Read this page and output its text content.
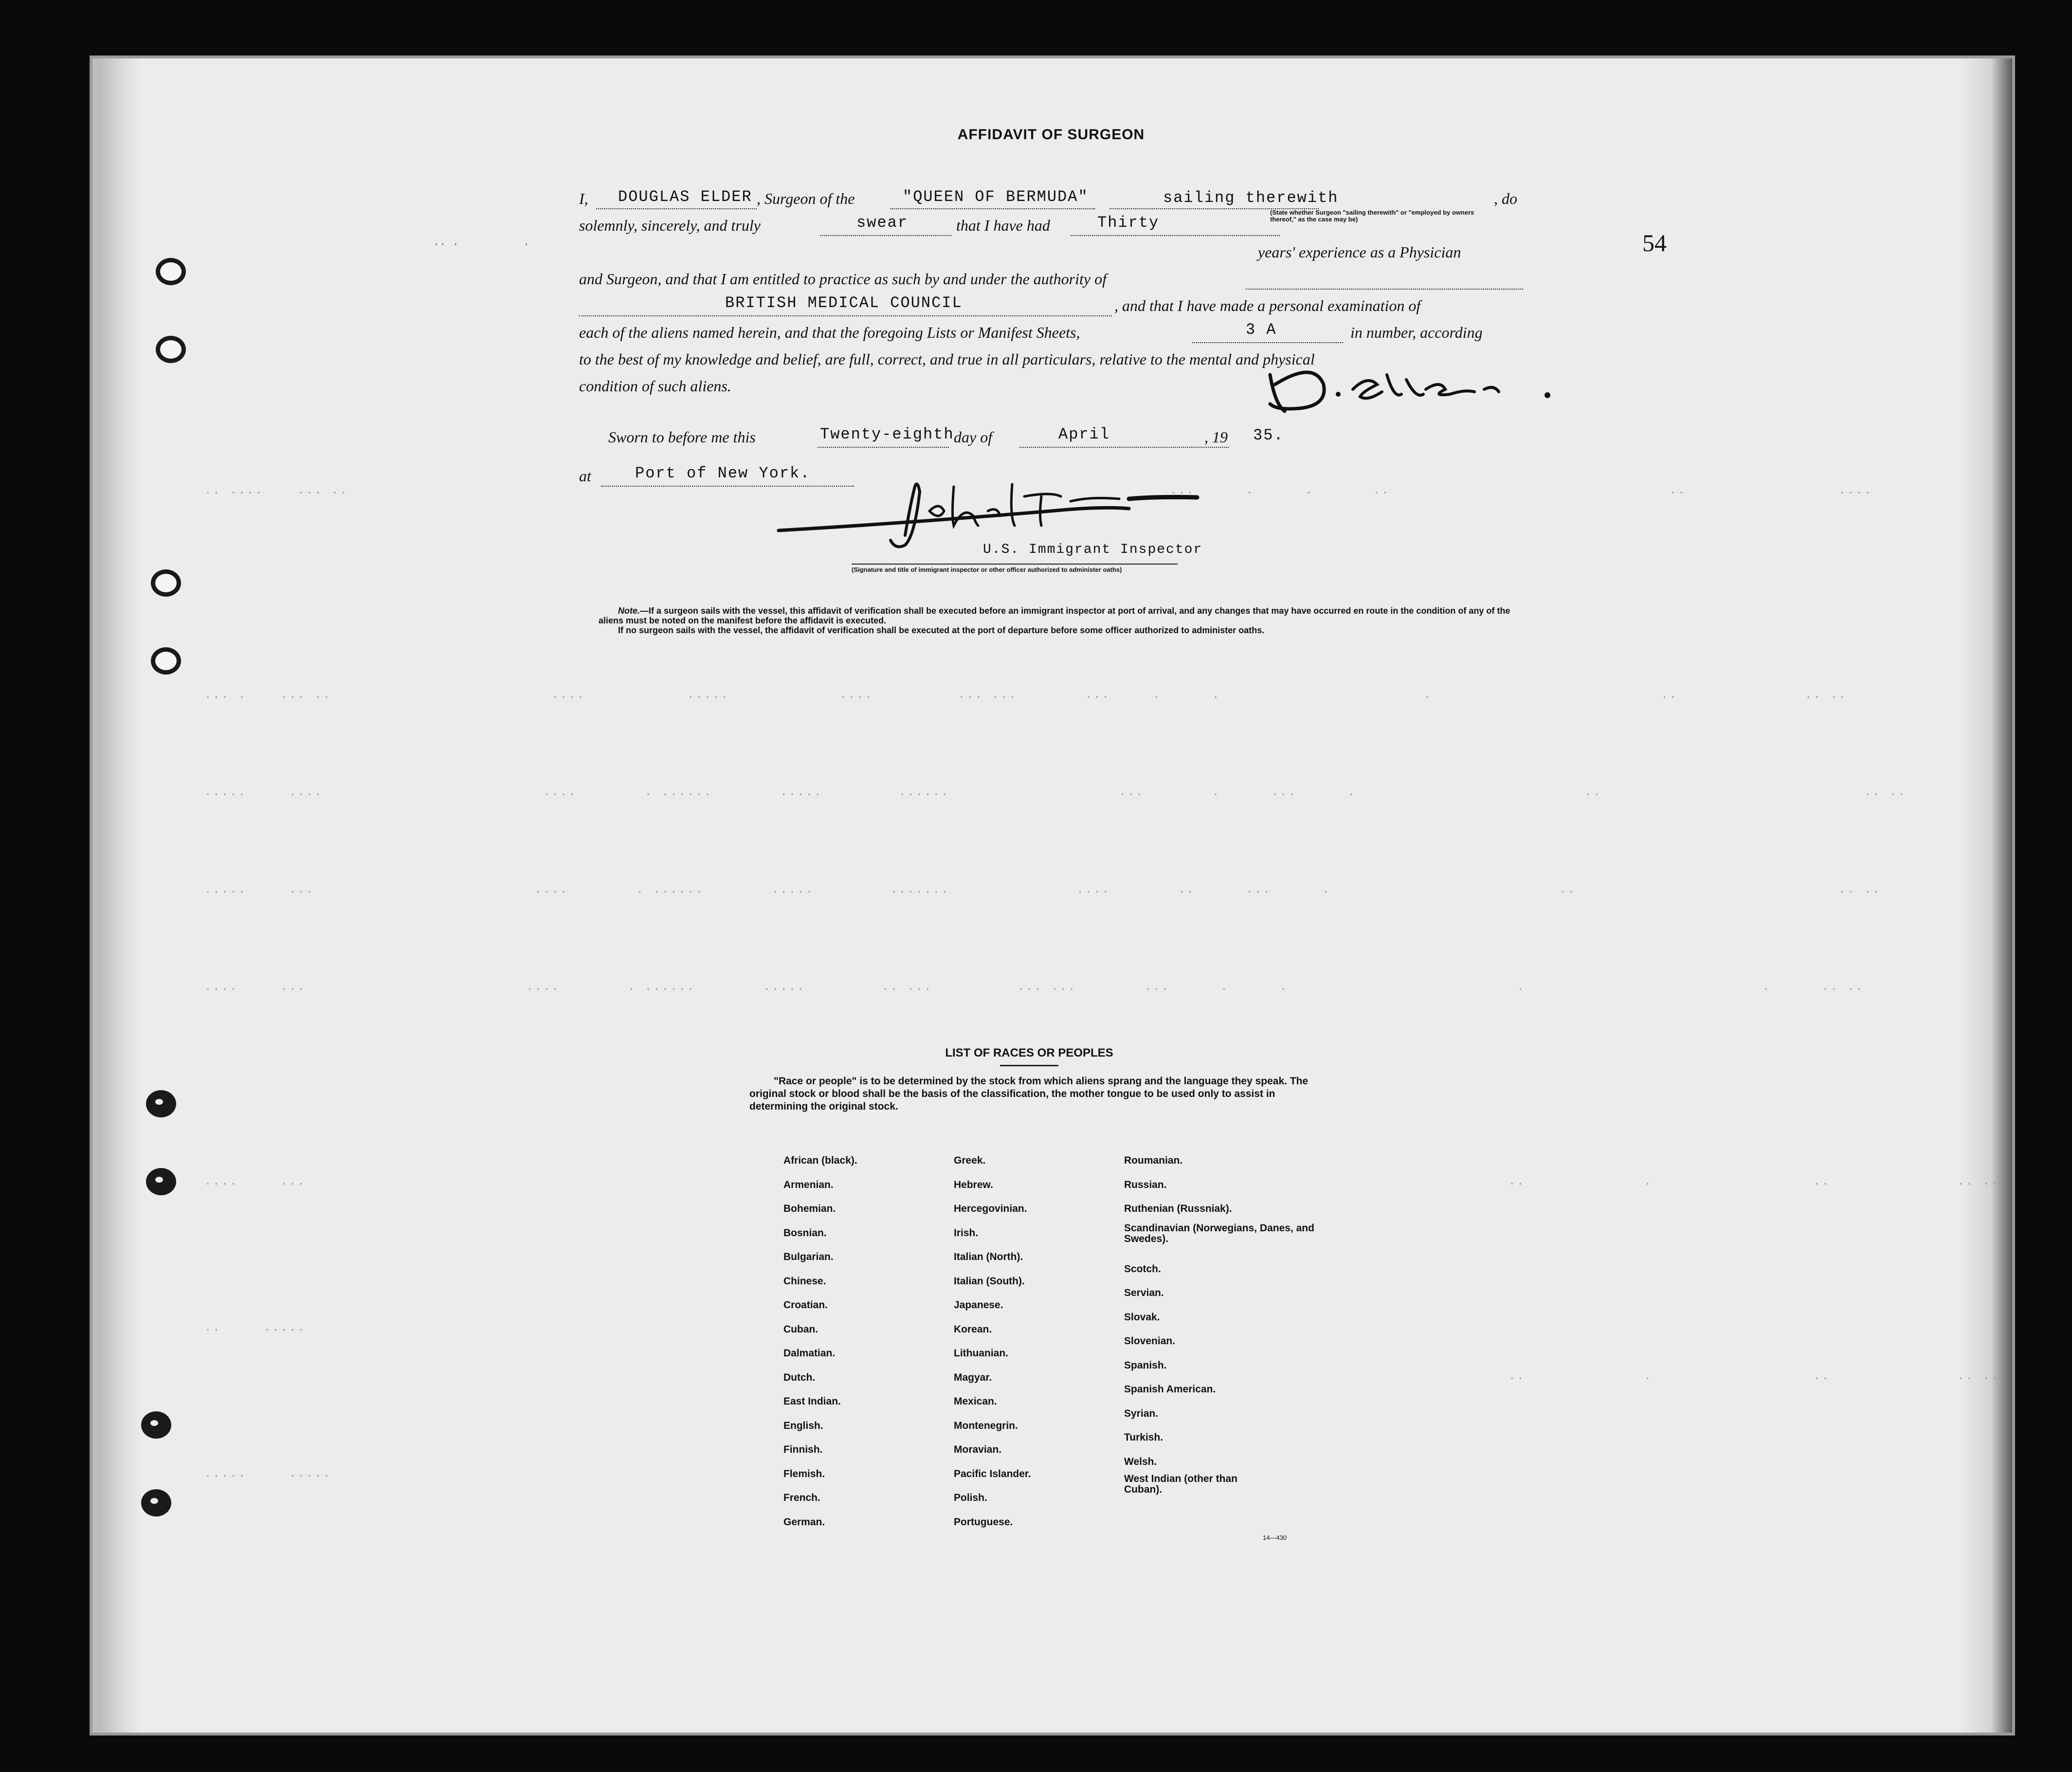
·· ····    ··· ··                                                                                                 ···      ·      ·       ··                                 ··                  ····
··· ·    ··· ··                          ····            ·····             ····          ··· ···        ···     ·      ·                        ·                           ··               ·· ··
·····     ····                          ····        · ······        ·····         ······                    ···        ·      ···      ·                           ··                               ·· ··
·····     ···                          ····        · ······        ·····         ·······               ····        ··      ···      ·                           ··                               ·· ··
····     ···                          ····        · ······        ·····         ·· ···          ··· ···        ···      ·      ·                           ·                            ·      ·· ··
····     ···
··     ·····
·····     ·····
··              ·                   ··               ·· ··
··              ·                   ··               ·· ··
·· ·          ·	54
AFFIDAVIT OF SURGEON
I, DOUGLAS ELDER , Surgeon of the	"QUEEN OF BERMUDA"	sailing therewith	, do
(State whether Surgeon "sailing therewith" or "employed by owners thereof," as the case may be)
solemnly, sincerely, and truly	swear	that I have had	Thirty
years' experience as a Physician
and Surgeon, and that I am entitled to practice as such by and under the authority of
BRITISH MEDICAL COUNCIL	, and that I have made a personal examination of
each of the aliens named herein, and that the foregoing Lists or Manifest Sheets,	3 A	in number, according
to the best of my knowledge and belief, are full, correct, and true in all particulars, relative to the mental and physical
condition of such aliens.
Sworn to before me this	Twenty-eighth day of	April	, 19 35.
at	Port of New York.
U.S. Immigrant Inspector
(Signature and title of immigrant inspector or other officer authorized to administer oaths)
Note.—If a surgeon sails with the vessel, this affidavit of verification shall be executed before an immigrant inspector at port of arrival, and any changes that may have occurred en route in the condition of any of the aliens must be noted on the manifest before the affidavit is executed.
If no surgeon sails with the vessel, the affidavit of verification shall be executed at the port of departure before some officer authorized to administer oaths.
LIST OF RACES OR PEOPLES
"Race or people" is to be determined by the stock from which aliens sprang and the language they speak. The original stock or blood shall be the basis of the classification, the mother tongue to be used only to assist in determining the original stock.
African (black).
Armenian.
Bohemian.
Bosnian.
Bulgarian.
Chinese.
Croatian.
Cuban.
Dalmatian.
Dutch.
East Indian.
English.
Finnish.
Flemish.
French.
German.
Greek.
Hebrew.
Hercegovinian.
Irish.
Italian (North).
Italian (South).
Japanese.
Korean.
Lithuanian.
Magyar.
Mexican.
Montenegrin.
Moravian.
Pacific Islander.
Polish.
Portuguese.
Roumanian.
Russian.
Ruthenian (Russniak).
Scandinavian (Norwegians, Danes, and Swedes).
Scotch.
Servian.
Slovak.
Slovenian.
Spanish.
Spanish American.
Syrian.
Turkish.
Welsh.
West Indian (other than Cuban).
14—430
